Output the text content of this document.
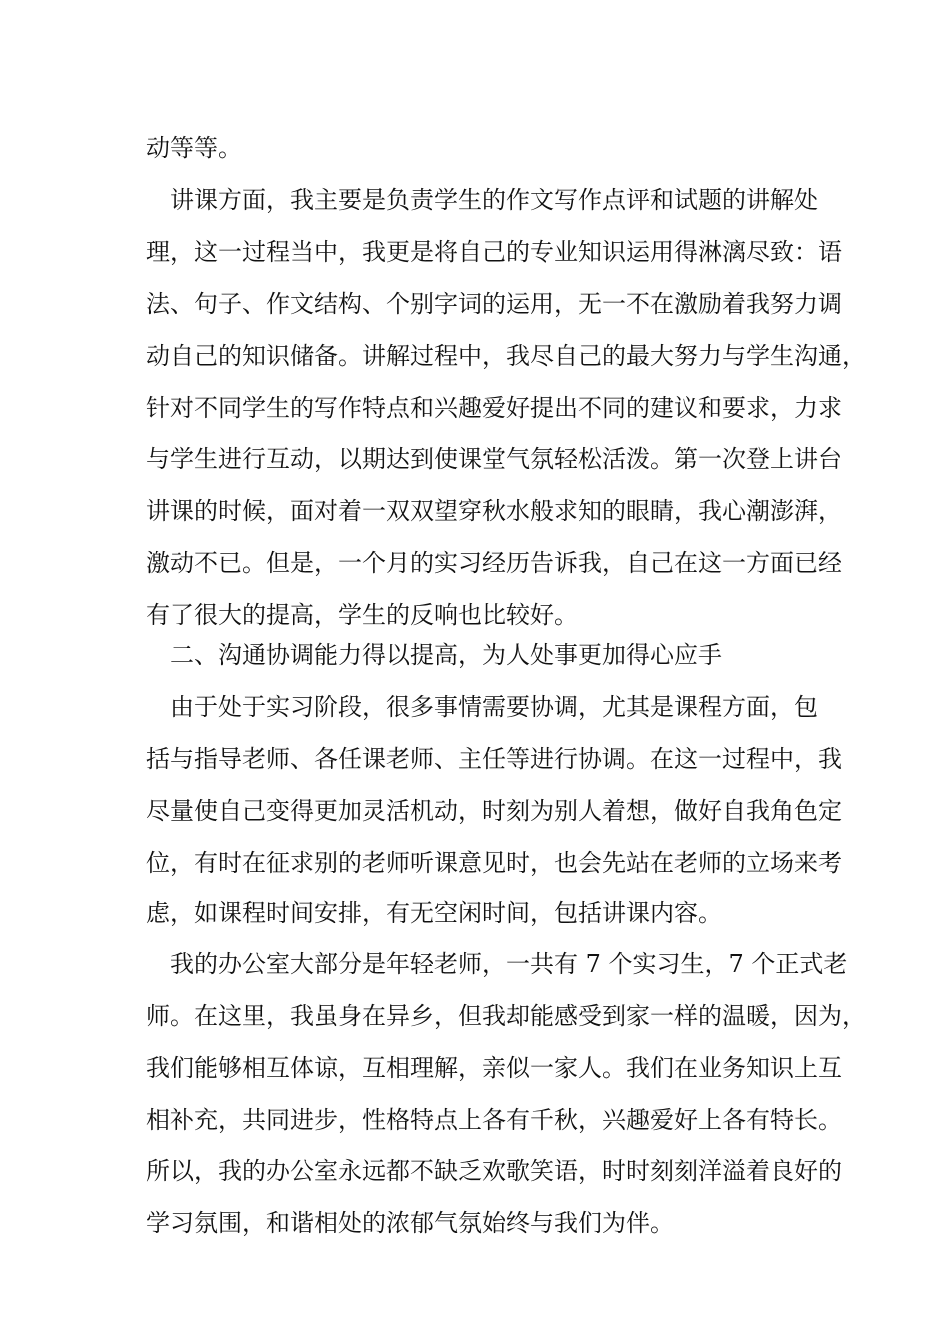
动等等。
　讲课方面，我主要是负责学生的作文写作点评和试题的讲解处
理，这一过程当中，我更是将自己的专业知识运用得淋漓尽致：语
法、句子、作文结构、个别字词的运用，无一不在激励着我努力调
动自己的知识储备。讲解过程中，我尽自己的最大努力与学生沟通，
针对不同学生的写作特点和兴趣爱好提出不同的建议和要求，力求
与学生进行互动，以期达到使课堂气氛轻松活泼。第一次登上讲台
讲课的时候，面对着一双双望穿秋水般求知的眼睛，我心潮澎湃，
激动不已。但是，一个月的实习经历告诉我，自己在这一方面已经
有了很大的提高，学生的反响也比较好。
　二、沟通协调能力得以提高，为人处事更加得心应手
　由于处于实习阶段，很多事情需要协调，尤其是课程方面，包
括与指导老师、各任课老师、主任等进行协调。在这一过程中，我
尽量使自己变得更加灵活机动，时刻为别人着想，做好自我角色定
位，有时在征求别的老师听课意见时，也会先站在老师的立场来考
虑，如课程时间安排，有无空闲时间，包括讲课内容。
　我的办公室大部分是年轻老师，一共有 7 个实习生，7 个正式老
师。在这里，我虽身在异乡，但我却能感受到家一样的温暖，因为，
我们能够相互体谅，互相理解，亲似一家人。我们在业务知识上互
相补充，共同进步，性格特点上各有千秋，兴趣爱好上各有特长。
所以，我的办公室永远都不缺乏欢歌笑语，时时刻刻洋溢着良好的
学习氛围，和谐相处的浓郁气氛始终与我们为伴。
